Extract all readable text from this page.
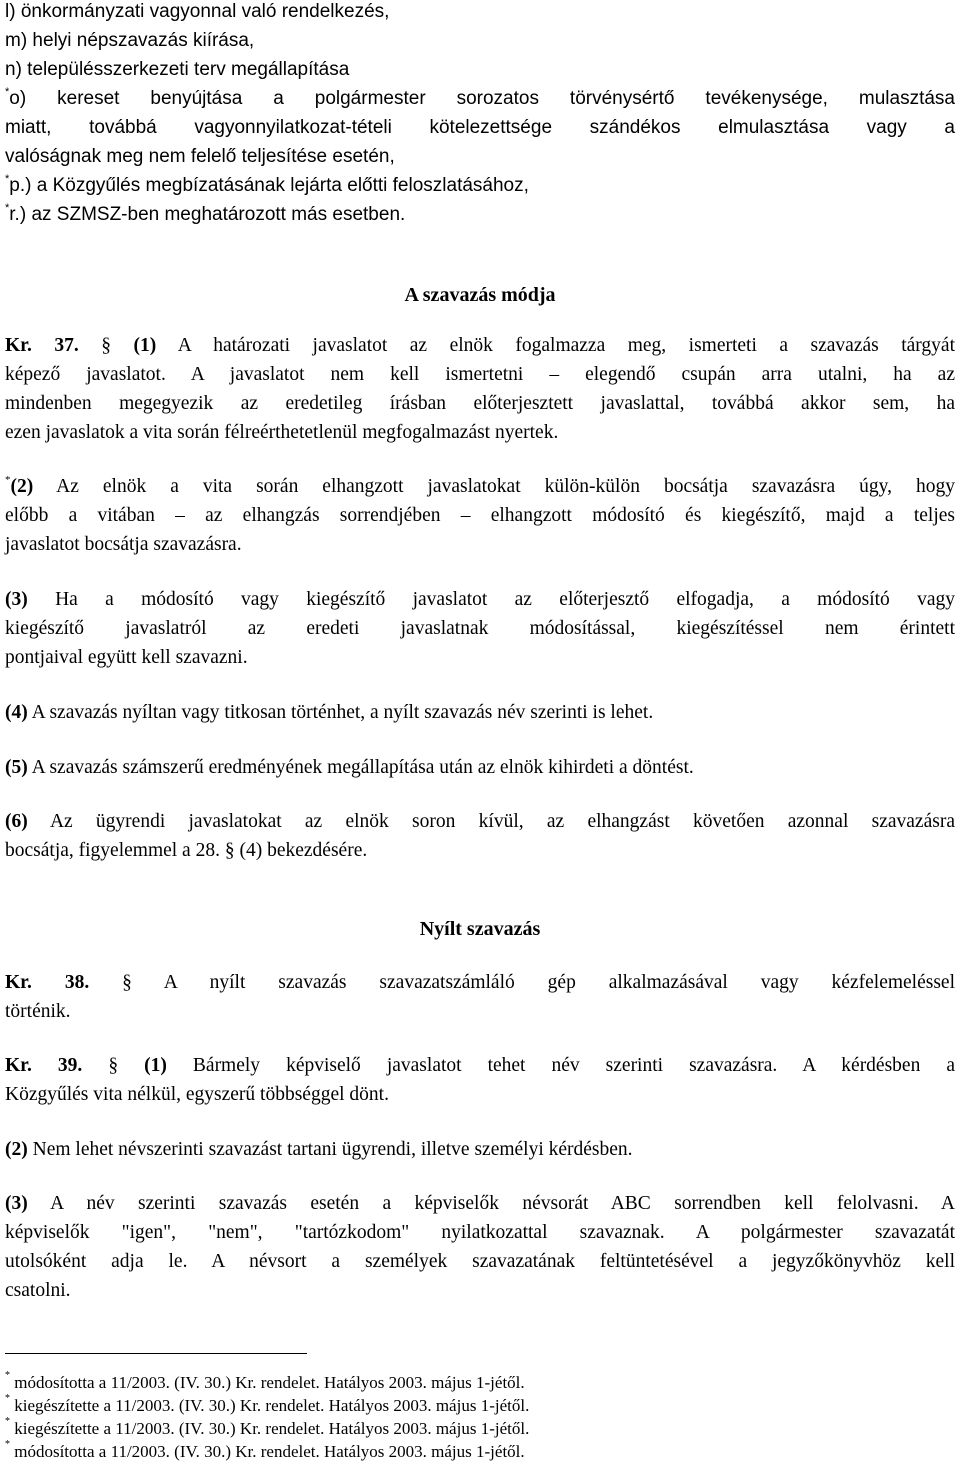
l) önkormányzati vagyonnal való rendelkezés,
m) helyi népszavazás kiírása,
n) településszerkezeti terv megállapítása
*o) kereset benyújtása a polgármester sorozatos törvénysértő tevékenysége, mulasztása
miatt, továbbá vagyonnyilatkozat-tételi kötelezettsége szándékos elmulasztása vagy a
valóságnak meg nem felelő teljesítése esetén,
*p.) a Közgyűlés megbízatásának lejárta előtti feloszlatásához,
*r.) az SZMSZ-ben meghatározott más esetben.
A szavazás módja
Kr. 37. § (1) A határozati javaslatot az elnök fogalmazza meg, ismerteti a szavazás tárgyát
képező javaslatot. A javaslatot nem kell ismertetni – elegendő csupán arra utalni, ha az
mindenben megegyezik az eredetileg írásban előterjesztett javaslattal, továbbá akkor sem, ha
ezen javaslatok a vita során félreérthetetlenül megfogalmazást nyertek.
*(2) Az elnök a vita során elhangzott javaslatokat külön-külön bocsátja szavazásra úgy, hogy
előbb a vitában – az elhangzás sorrendjében – elhangzott módosító és kiegészítő, majd a teljes
javaslatot bocsátja szavazásra.
(3) Ha a módosító vagy kiegészítő javaslatot az előterjesztő elfogadja, a módosító vagy
kiegészítő javaslatról az eredeti javaslatnak módosítással, kiegészítéssel nem érintett
pontjaival együtt kell szavazni.
(4) A szavazás nyíltan vagy titkosan történhet, a nyílt szavazás név szerinti is lehet.
(5) A szavazás számszerű eredményének megállapítása után az elnök kihirdeti a döntést.
(6) Az ügyrendi javaslatokat az elnök soron kívül, az elhangzást követően azonnal szavazásra
bocsátja, figyelemmel a 28. § (4) bekezdésére.
Nyílt szavazás
Kr. 38. § A nyílt szavazás szavazatszámláló gép alkalmazásával vagy kézfelemeléssel
történik.
Kr. 39. § (1) Bármely képviselő javaslatot tehet név szerinti szavazásra. A kérdésben a
Közgyűlés vita nélkül, egyszerű többséggel dönt.
(2) Nem lehet névszerinti szavazást tartani ügyrendi, illetve személyi kérdésben.
(3) A név szerinti szavazás esetén a képviselők névsorát ABC sorrendben kell felolvasni. A
képviselők "igen", "nem", "tartózkodom" nyilatkozattal szavaznak. A polgármester szavazatát
utolsóként adja le. A névsort a személyek szavazatának feltüntetésével a jegyzőkönyvhöz kell
csatolni.
* módosította a 11/2003. (IV. 30.) Kr. rendelet. Hatályos 2003. május 1-jétől.
* kiegészítette a 11/2003. (IV. 30.) Kr. rendelet. Hatályos 2003. május 1-jétől.
* kiegészítette a 11/2003. (IV. 30.) Kr. rendelet. Hatályos 2003. május 1-jétől.
* módosította a 11/2003. (IV. 30.) Kr. rendelet. Hatályos 2003. május 1-jétől.
